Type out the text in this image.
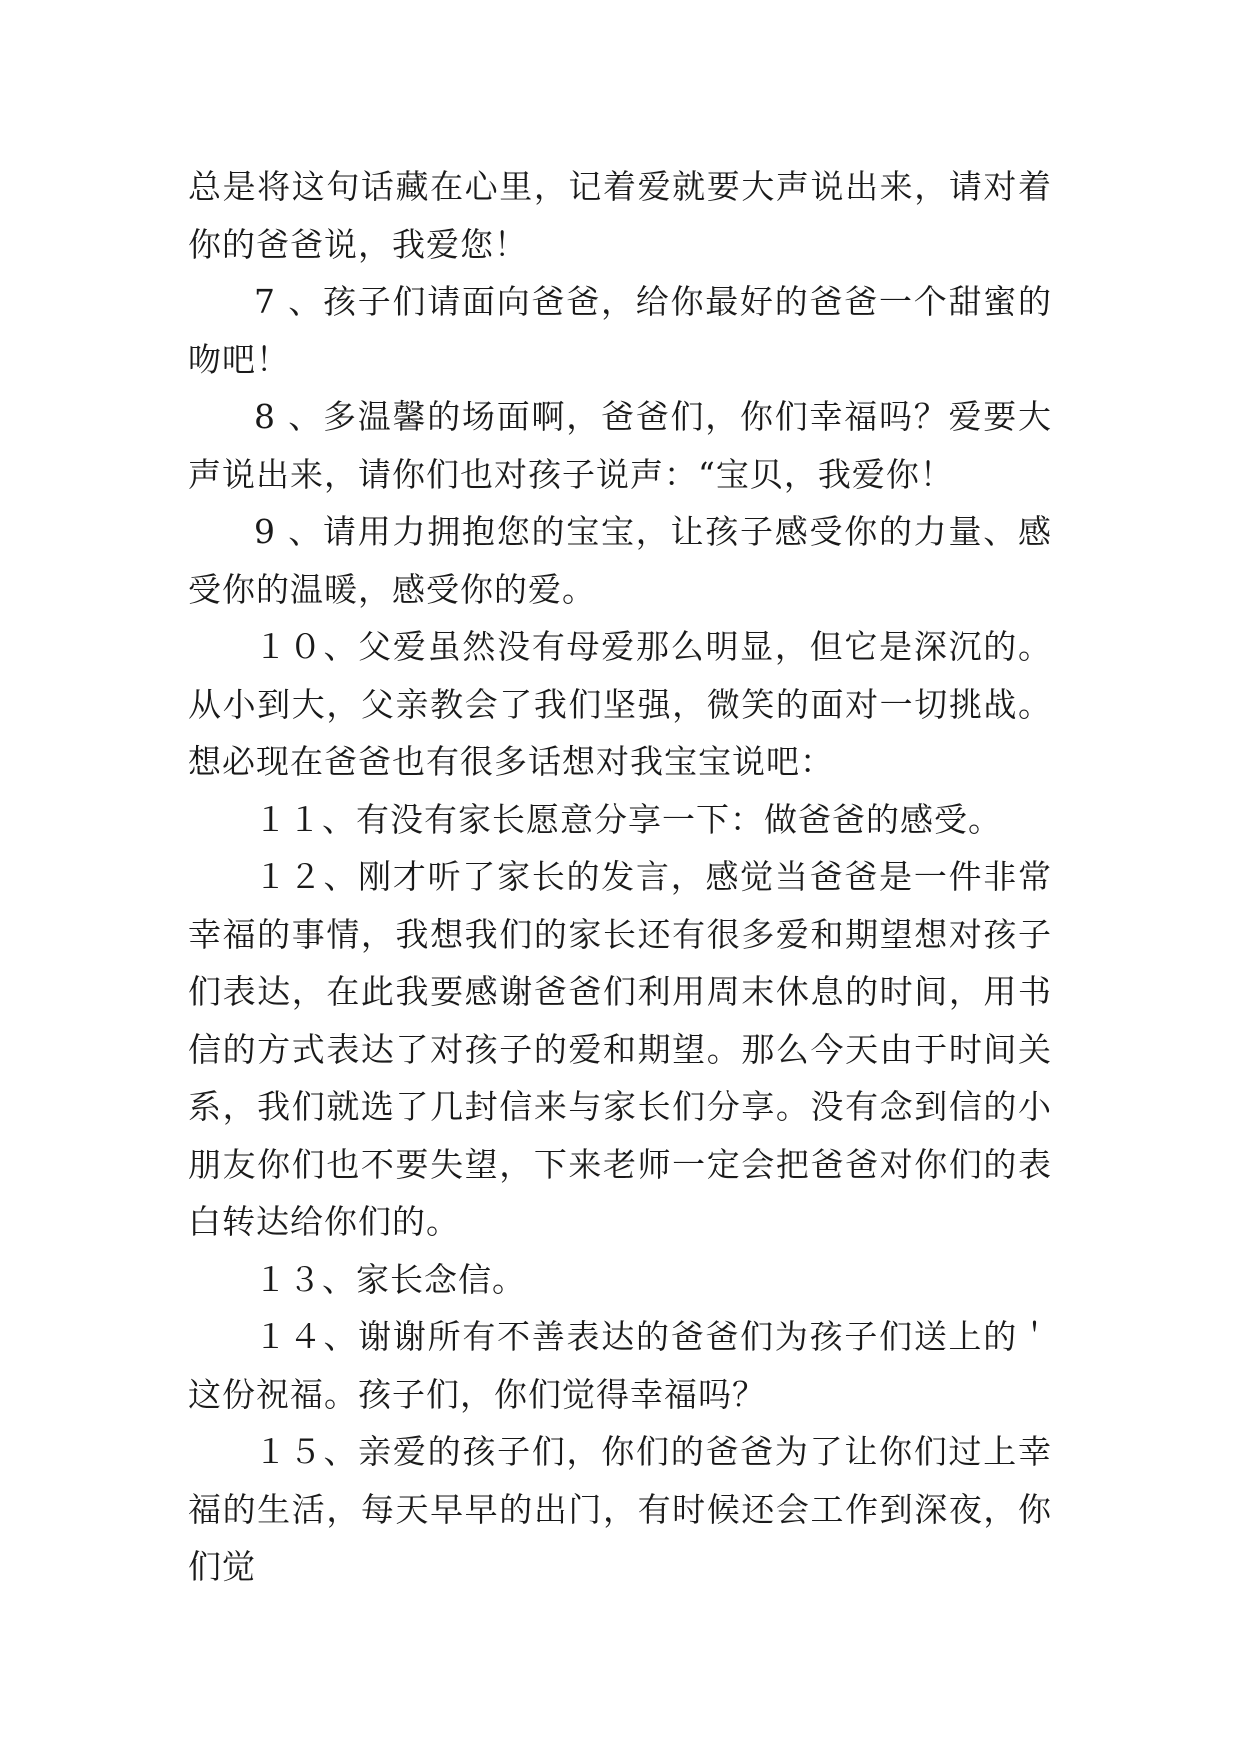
总是将这句话藏在心里，记着爱就要大声说出来，请对着你的爸爸说，我爱您！

7 、孩子们请面向爸爸，给你最好的爸爸一个甜蜜的吻吧！

8 、多温馨的场面啊，爸爸们，你们幸福吗？爱要大声说出来，请你们也对孩子说声：“宝贝，我爱你！

9 、请用力拥抱您的宝宝，让孩子感受你的力量、感受你的温暖，感受你的爱。

１０、父爱虽然没有母爱那么明显，但它是深沉的。从小到大，父亲教会了我们坚强，微笑的面对一切挑战。想必现在爸爸也有很多话想对我宝宝说吧：

１１、有没有家长愿意分享一下：做爸爸的感受。

１２、刚才听了家长的发言，感觉当爸爸是一件非常幸福的事情，我想我们的家长还有很多爱和期望想对孩子们表达，在此我要感谢爸爸们利用周末休息的时间，用书信的方式表达了对孩子的爱和期望。那么今天由于时间关系，我们就选了几封信来与家长们分享。没有念到信的小朋友你们也不要失望，下来老师一定会把爸爸对你们的表白转达给你们的。

１３、家长念信。

１４、谢谢所有不善表达的爸爸们为孩子们送上的＇这份祝福。孩子们，你们觉得幸福吗？

１５、亲爱的孩子们，你们的爸爸为了让你们过上幸福的生活，每天早早的出门，有时候还会工作到深夜，你们觉
